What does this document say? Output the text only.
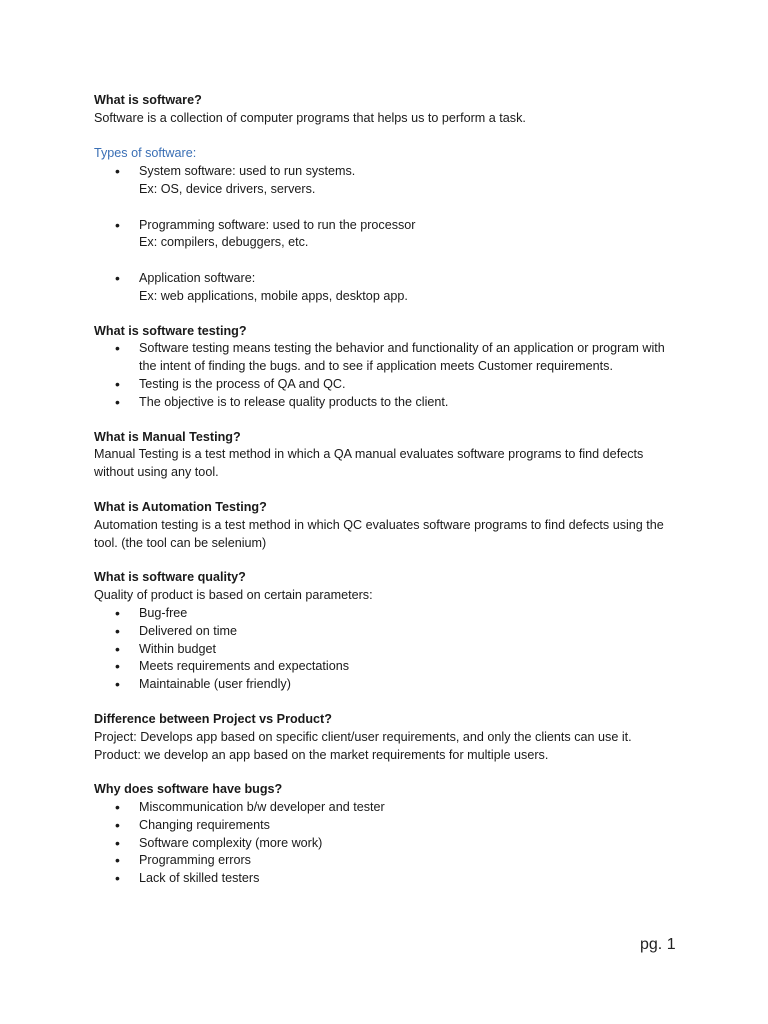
What is software?

Software is a collection of computer programs that helps us to perform a task.

Types of software:

• System software: used to run systems.
Ex: OS, device drivers, servers.
• Programming software: used to run the processor
Ex: compilers, debuggers, etc.
• Application software:
Ex: web applications, mobile apps, desktop app.

What is software testing?

• Software testing means testing the behavior and functionality of an application or program with the intent of finding the bugs. and to see if application meets Customer requirements.
• Testing is the process of QA and QC.
• The objective is to release quality products to the client.

What is Manual Testing?

Manual Testing is a test method in which a QA manual evaluates software programs to find defects without using any tool.

What is Automation Testing?

Automation testing is a test method in which QC evaluates software programs to find defects using the tool. (the tool can be selenium)

What is software quality?

Quality of product is based on certain parameters:

• Bug-free
• Delivered on time
• Within budget
• Meets requirements and expectations
• Maintainable (user friendly)

Difference between Project vs Product?

Project: Develops app based on specific client/user requirements, and only the clients can use it.

Product: we develop an app based on the market requirements for multiple users.

Why does software have bugs?

• Miscommunication b/w developer and tester
• Changing requirements
• Software complexity (more work)
• Programming errors
• Lack of skilled testers
pg. 1
